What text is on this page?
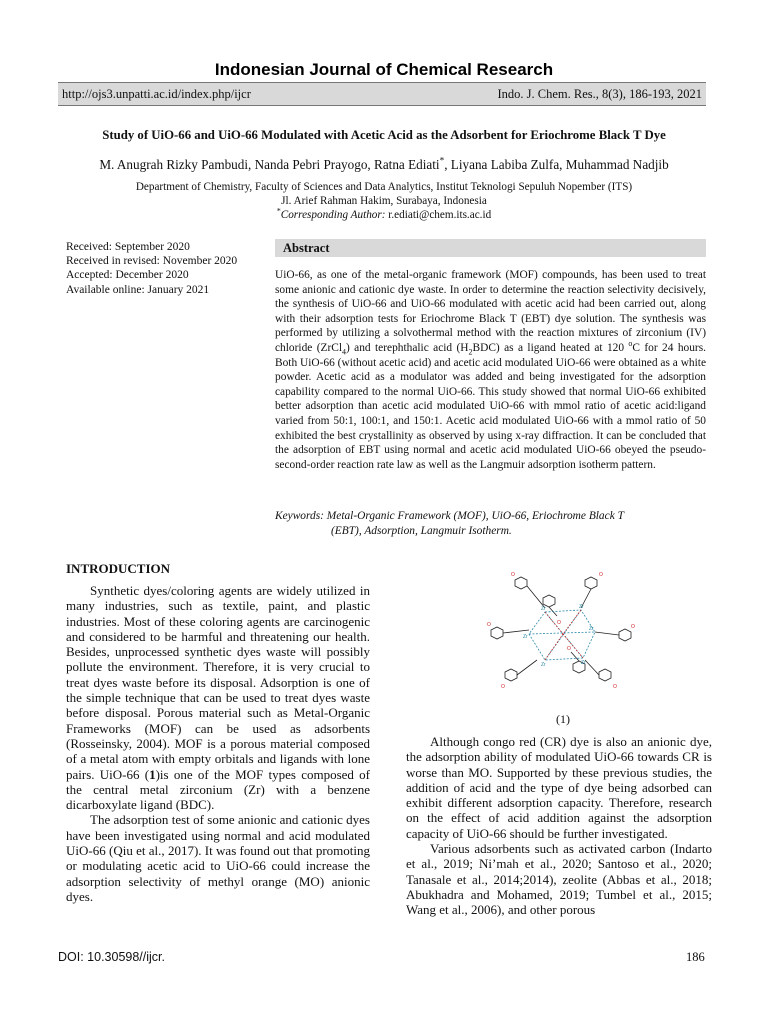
Indonesian Journal of Chemical Research
http://ojs3.unpatti.ac.id/index.php/ijcr	Indo. J. Chem. Res., 8(3), 186-193, 2021
Study of UiO-66 and UiO-66 Modulated with Acetic Acid as the Adsorbent for Eriochrome Black T Dye
M. Anugrah Rizky Pambudi, Nanda Pebri Prayogo, Ratna Ediati*, Liyana Labiba Zulfa, Muhammad Nadjib
Department of Chemistry, Faculty of Sciences and Data Analytics, Institut Teknologi Sepuluh Nopember (ITS)
Jl. Arief Rahman Hakim, Surabaya, Indonesia
*Corresponding Author: r.ediati@chem.its.ac.id
Received: September 2020
Received in revised: November 2020
Accepted: December 2020
Available online: January 2021
Abstract
UiO-66, as one of the metal-organic framework (MOF) compounds, has been used to treat some anionic and cationic dye waste. In order to determine the reaction selectivity decisively, the synthesis of UiO-66 and UiO-66 modulated with acetic acid had been carried out, along with their adsorption tests for Eriochrome Black T (EBT) dye solution. The synthesis was performed by utilizing a solvothermal method with the reaction mixtures of zirconium (IV) chloride (ZrCl$_4$) and terephthalic acid $(H_2BDC)$ as a ligand heated at 120 $^o$C for 24 hours. Both UiO-66 (without acetic acid) and acetic acid modulated UiO-66 were obtained as a white powder. Acetic acid as a modulator was added and being investigated for the adsorption capability compared to the normal UiO-66. This study showed that normal UiO-66 exhibited better adsorption than acetic acid modulated UiO-66 with mmol ratio of acetic acid:ligand varied from 50:1, 100:1, and 150:1. Acetic acid modulated UiO-66 with a mmol ratio of 50 exhibited the best crystallinity as observed by using x-ray diffraction. It can be concluded that the adsorption of EBT using normal and acetic acid modulated UiO-66 obeyed the pseudo-second-order reaction rate law as well as the Langmuir adsorption isotherm pattern.
Keywords: Metal-Organic Framework (MOF), UiO-66, Eriochrome Black T
(EBT), Adsorption, Langmuir Isotherm.
INTRODUCTION

Synthetic dyes/coloring agents are widely utilized in many industries, such as textile, paint, and plastic industries. Most of these coloring agents are carcinogenic and considered to be harmful and threatening our health. Besides, unprocessed synthetic dyes waste will possibly pollute the environment. Therefore, it is very crucial to treat dyes waste before its disposal. Adsorption is one of the simple technique that can be used to treat dyes waste before disposal. Porous material such as Metal-Organic Frameworks (MOF) can be used as adsorbents (Rosseinsky, 2004). MOF is a porous material composed of a metal atom with empty orbitals and ligands with lone pairs. UiO-66 (1)is one of the MOF types composed of the central metal zirconium (Zr) with a benzene dicarboxylate ligand (BDC).

The adsorption test of some anionic and cationic dyes have been investigated using normal and acid modulated UiO-66 (Qiu et al., 2017). It was found out that promoting or modulating acetic acid to UiO-66 could increase the adsorption selectivity of methyl orange (MO) anionic dyes.

O	O
O	O
O	O
O
O
Zr	Zr
Zr
Zr
Zr
Zr
(1)

Although congo red (CR) dye is also an anionic dye, the adsorption ability of modulated UiO-66 towards CR is worse than MO. Supported by these previous studies, the addition of acid and the type of dye being adsorbed can exhibit different adsorption capacity. Therefore, research on the effect of acid addition against the adsorption capacity of UiO-66 should be further investigated.

Various adsorbents such as activated carbon (Indarto et al., 2019; Ni’mah et al., 2020; Santoso et al., 2020; Tanasale et al., 2014;2014), zeolite (Abbas et al., 2018; Abukhadra and Mohamed, 2019; Tumbel et al., 2015; Wang et al., 2006), and other porous

DOI: 10.30598//ijcr.	186
